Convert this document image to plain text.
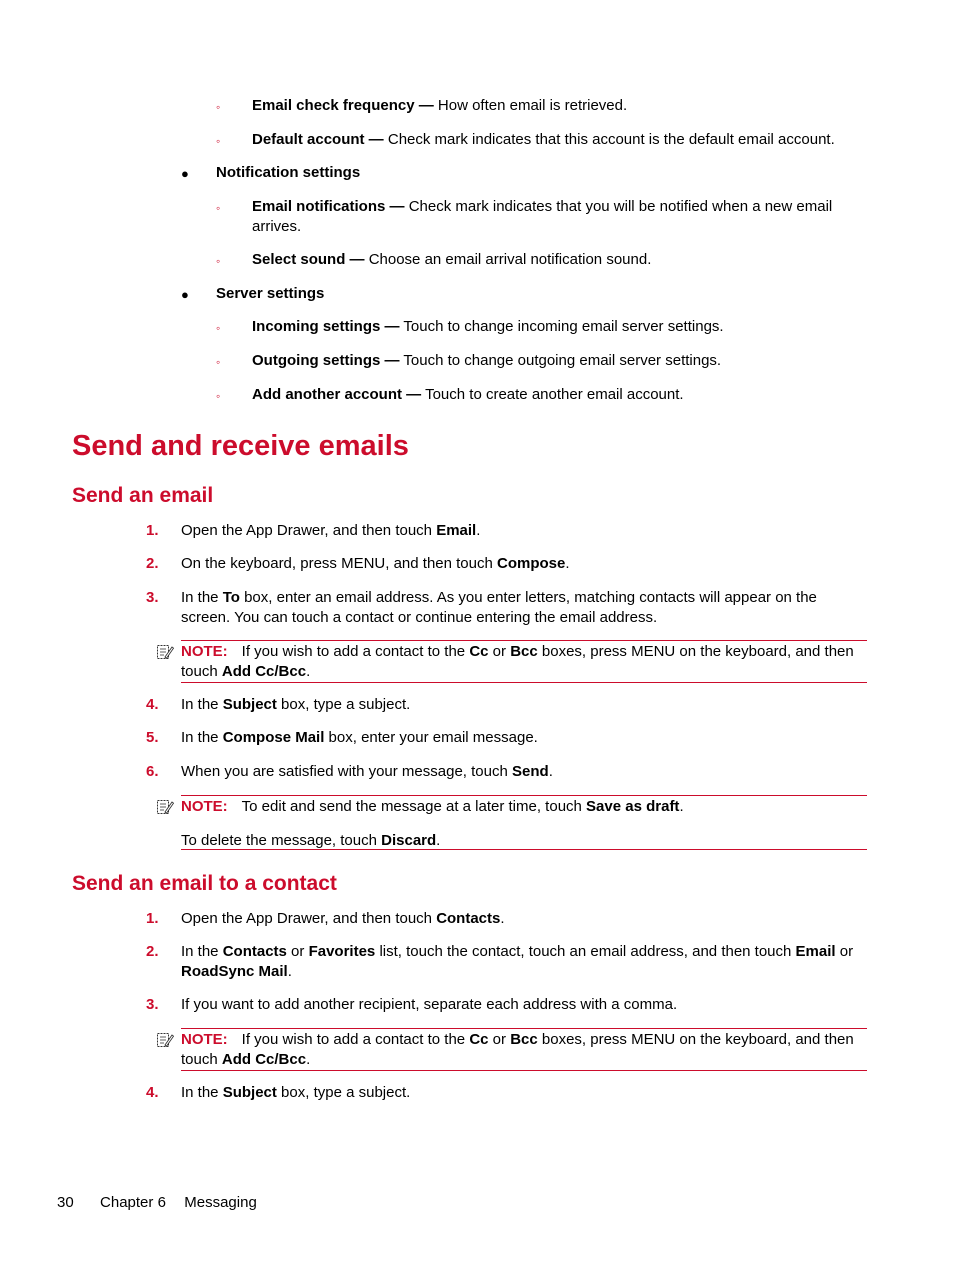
◦ Email check frequency — How often email is retrieved.
◦ Default account — Check mark indicates that this account is the default email account.
● Notification settings
◦ Email notifications — Check mark indicates that you will be notified when a new email arrives.
◦ Select sound — Choose an email arrival notification sound.
● Server settings
◦ Incoming settings — Touch to change incoming email server settings.
◦ Outgoing settings — Touch to change outgoing email server settings.
◦ Add another account — Touch to create another email account.
Send and receive emails
Send an email
1.	Open the App Drawer, and then touch Email.
2.	On the keyboard, press MENU, and then touch Compose.
3.	In the To box, enter an email address. As you enter letters, matching contacts will appear on the screen. You can touch a contact or continue entering the email address.
NOTE: If you wish to add a contact to the Cc or Bcc boxes, press MENU on the keyboard, and then touch Add Cc/Bcc.
4.	In the Subject box, type a subject.
5.	In the Compose Mail box, enter your email message.
6.	When you are satisfied with your message, touch Send.
NOTE: To edit and send the message at a later time, touch Save as draft.
To delete the message, touch Discard.
Send an email to a contact
1.	Open the App Drawer, and then touch Contacts.
2.	In the Contacts or Favorites list, touch the contact, touch an email address, and then touch Email or RoadSync Mail.
3.	If you want to add another recipient, separate each address with a comma.
NOTE: If you wish to add a contact to the Cc or Bcc boxes, press MENU on the keyboard, and then touch Add Cc/Bcc.
4.	In the Subject box, type a subject.
30 Chapter 6 Messaging
